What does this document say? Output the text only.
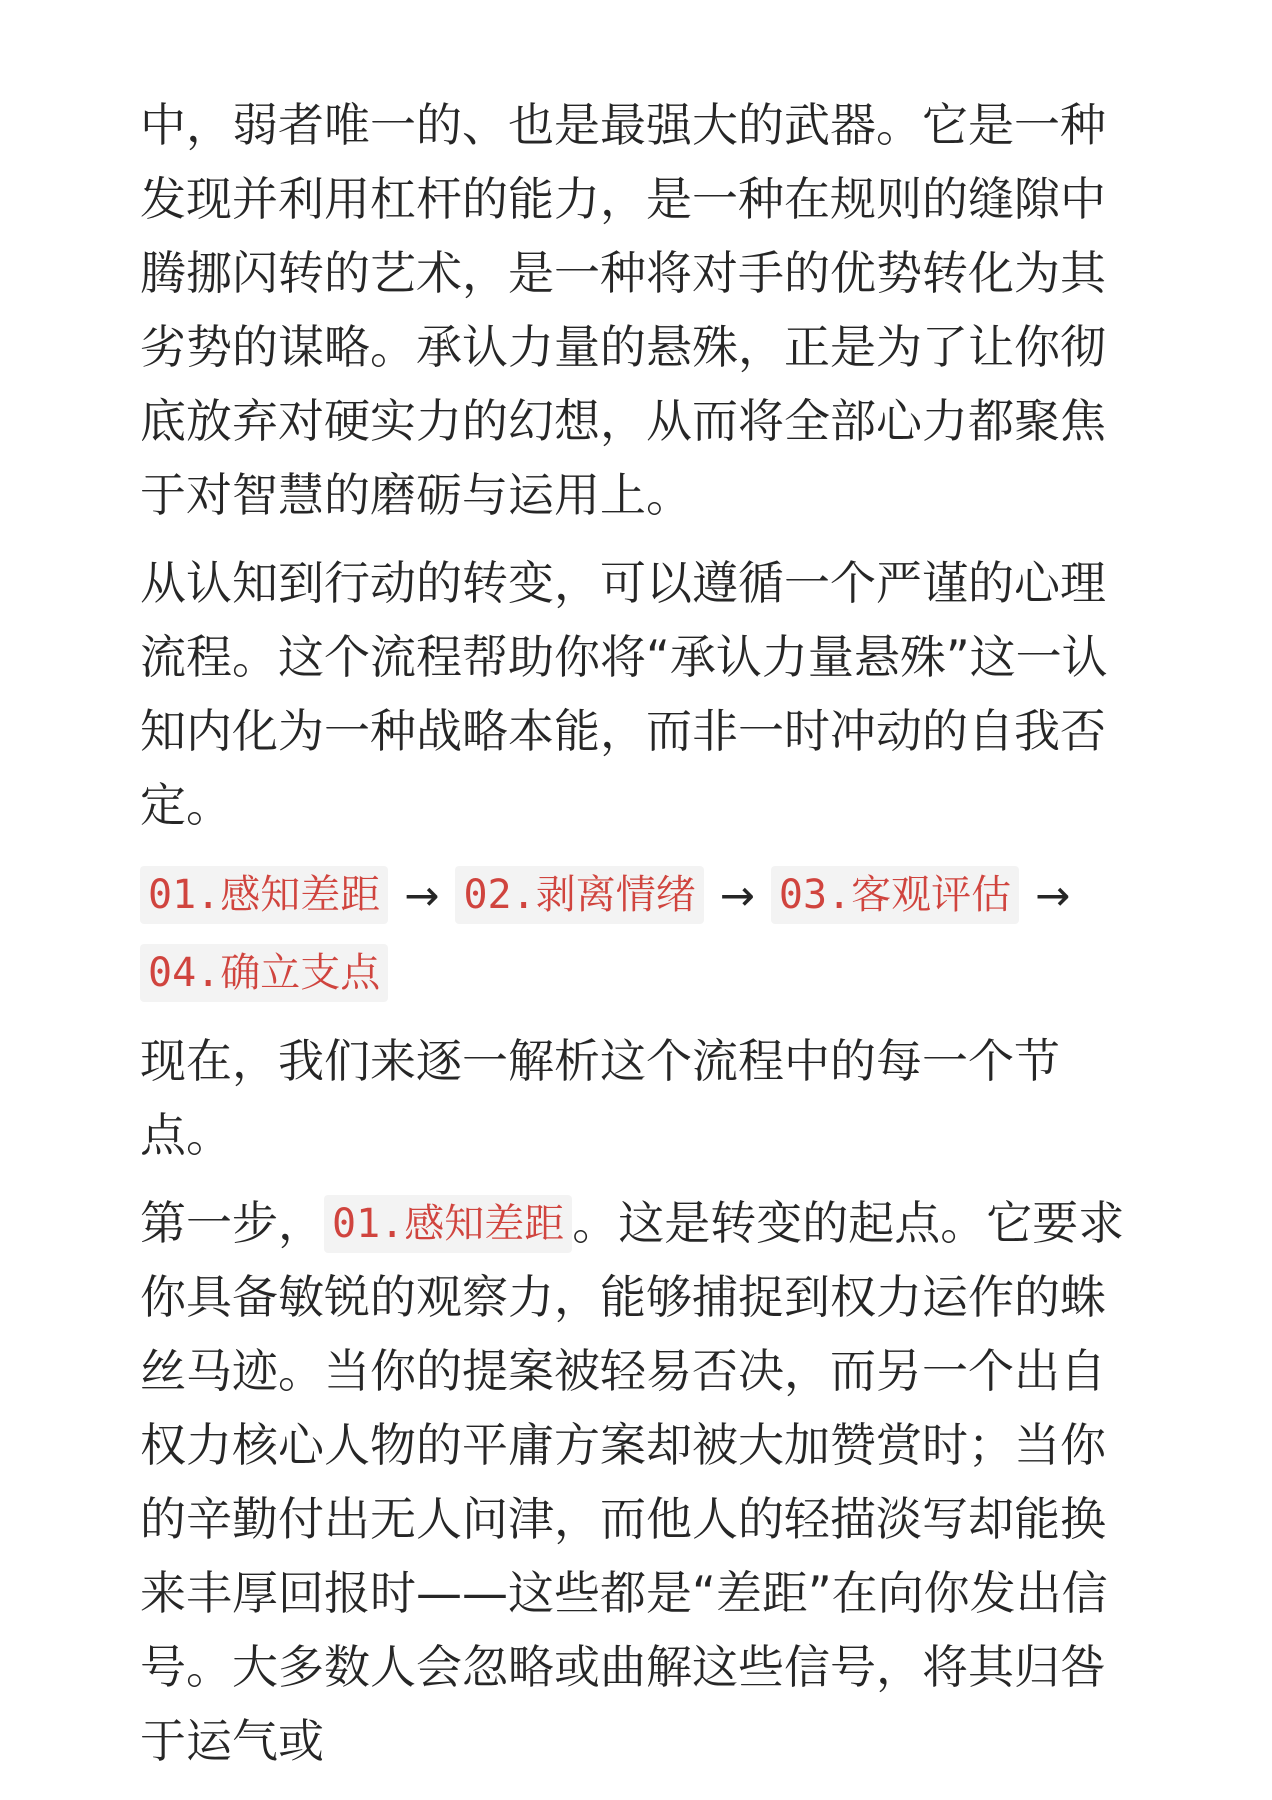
中，弱者唯一的、也是最强大的武器。它是一种发现并利用杠杆的能力，是一种在规则的缝隙中腾挪闪转的艺术，是一种将对手的优势转化为其劣势的谋略。承认力量的悬殊，正是为了让你彻底放弃对硬实力的幻想，从而将全部心力都聚焦于对智慧的磨砺与运用上。

从认知到行动的转变，可以遵循一个严谨的心理流程。这个流程帮助你将“承认力量悬殊”这一认知内化为一种战略本能，而非一时冲动的自我否定。

01.感知差距 → 02.剥离情绪 → 03.客观评估 →
04.确立支点

现在，我们来逐一解析这个流程中的每一个节点。

第一步， 01.感知差距 。这是转变的起点。它要求你具备敏锐的观察力，能够捕捉到权力运作的蛛丝马迹。当你的提案被轻易否决，而另一个出自权力核心人物的平庸方案却被大加赞赏时；当你的辛勤付出无人问津，而他人的轻描淡写却能换来丰厚回报时——这些都是“差距”在向你发出信号。大多数人会忽略或曲解这些信号，将其归咎于运气或
